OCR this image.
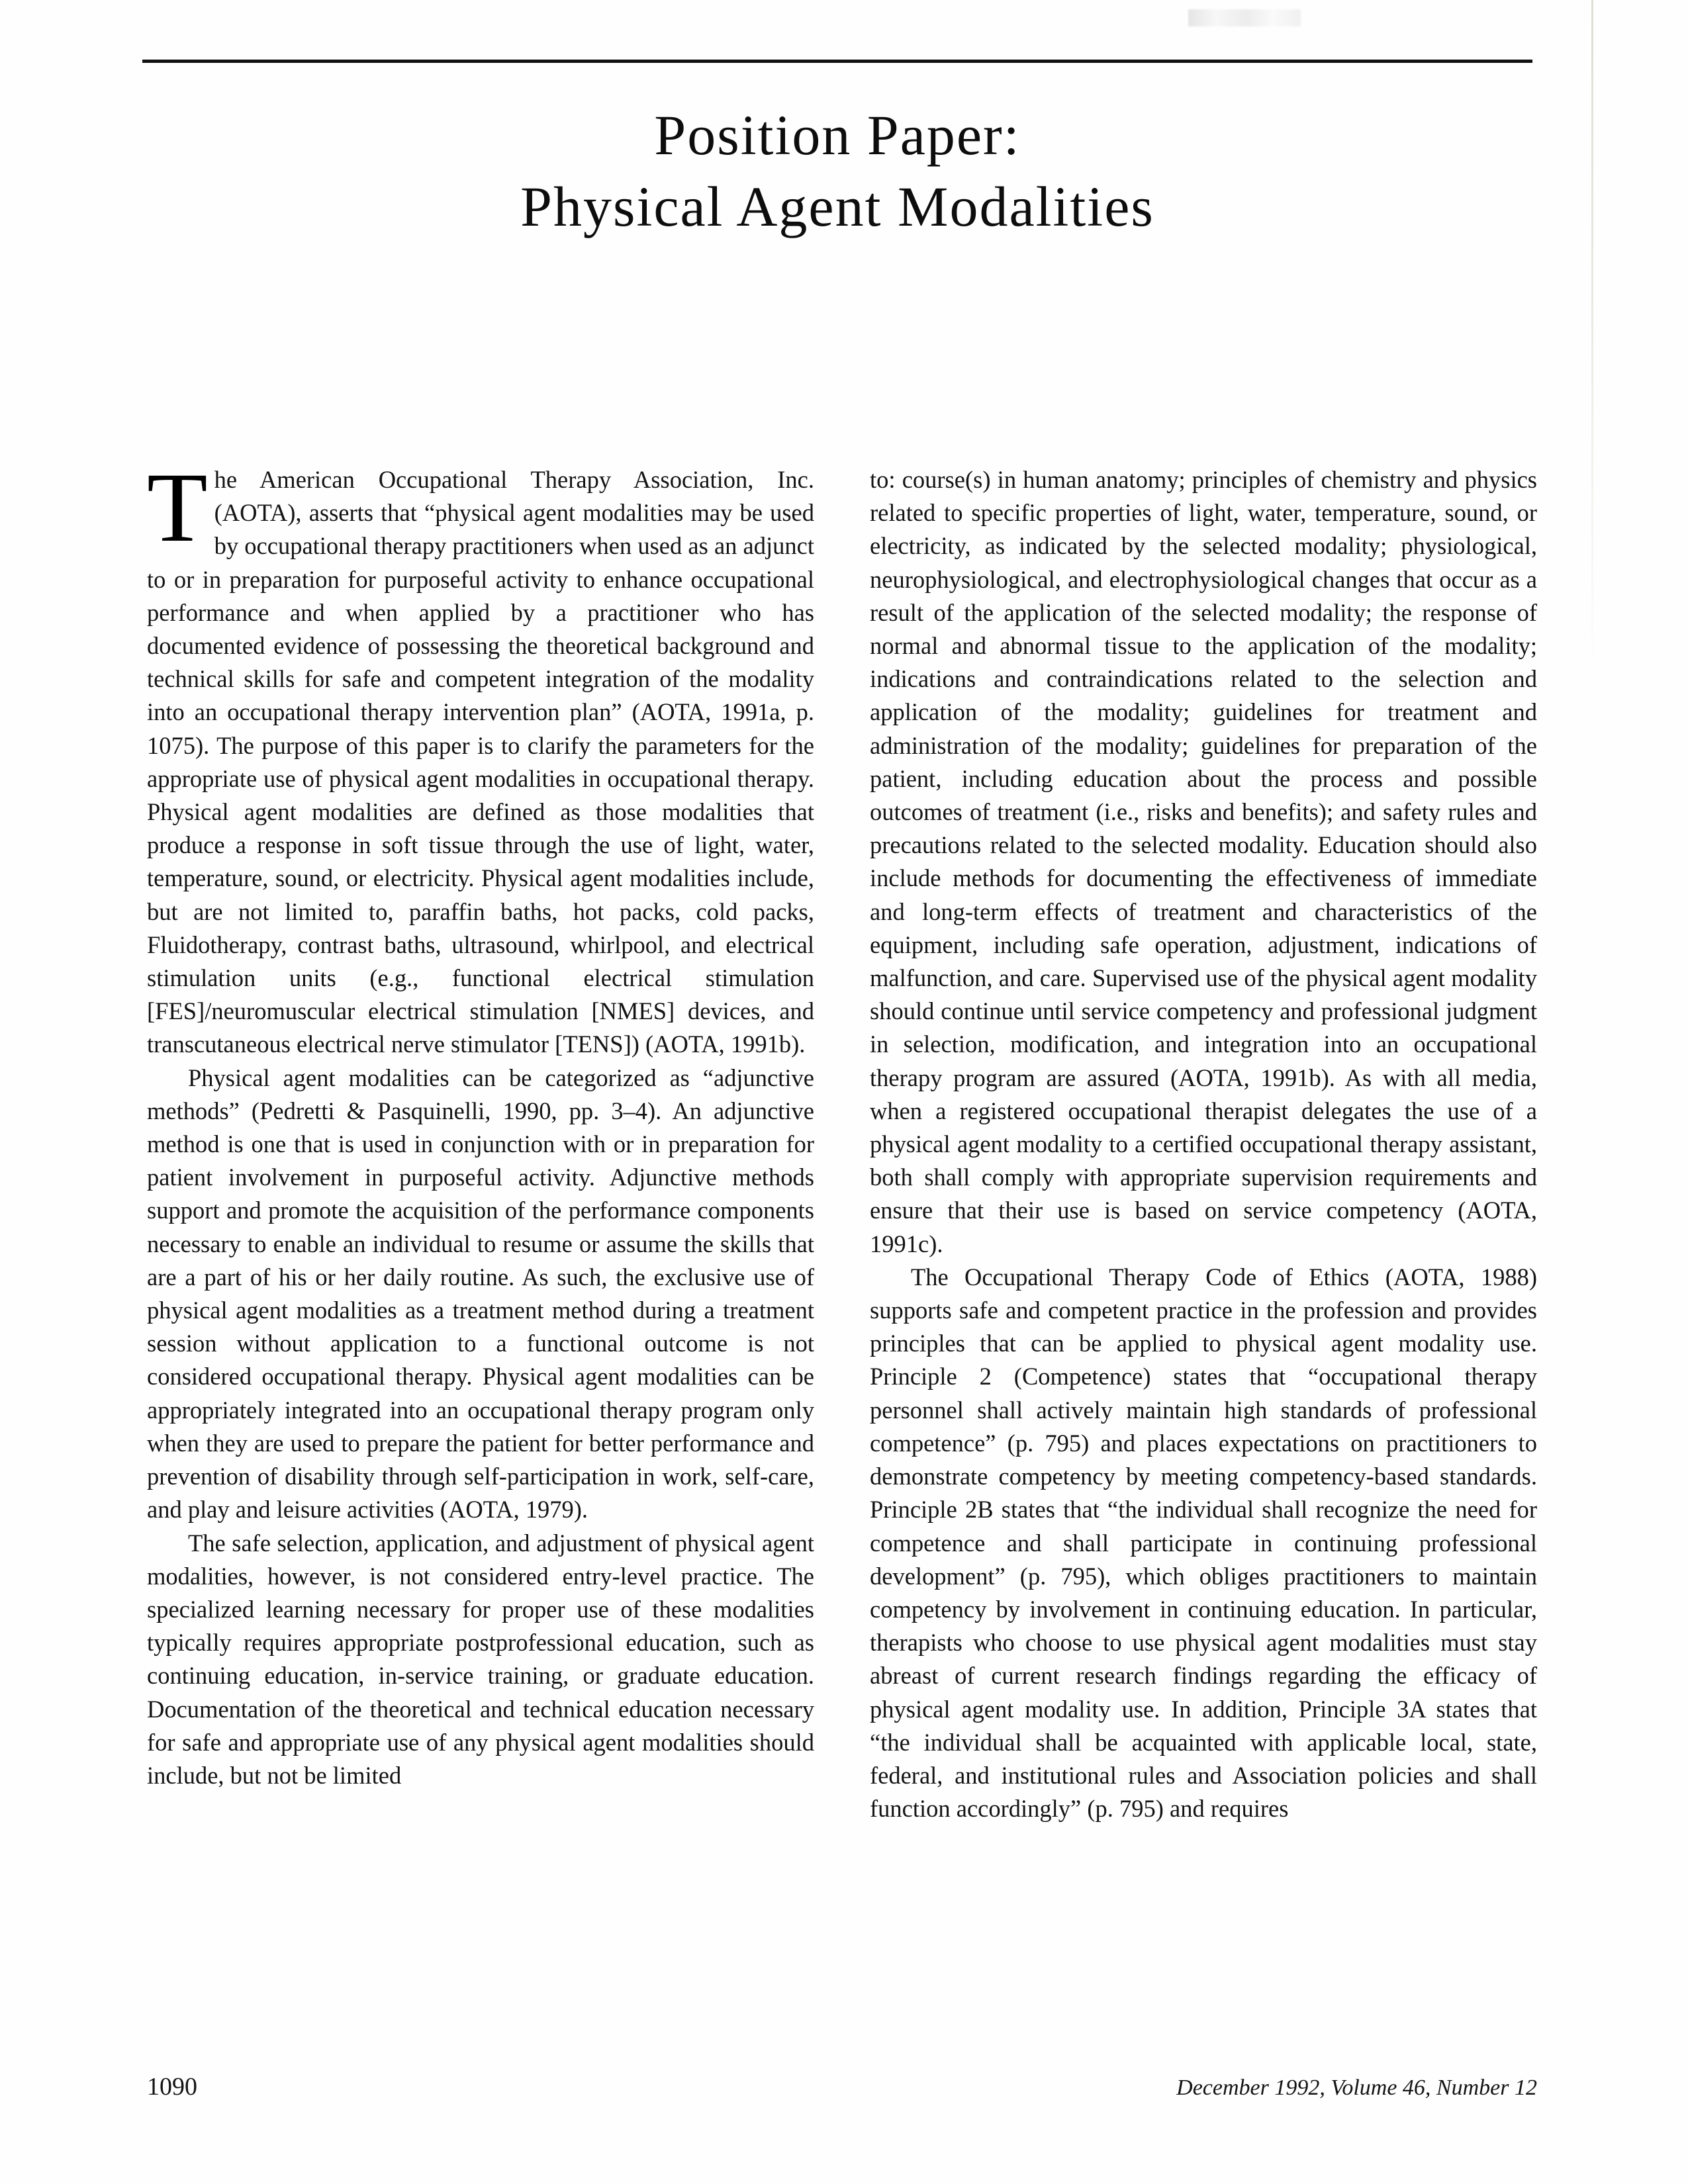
Position Paper:
Physical Agent Modalities

The American Occupational Therapy Association, Inc. (AOTA), asserts that “physical agent modalities may be used by occupational therapy practitioners when used as an adjunct to or in preparation for purposeful activity to enhance occupational performance and when applied by a practitioner who has documented evidence of possessing the theoretical background and technical skills for safe and competent integration of the modality into an occupational therapy intervention plan” (AOTA, 1991a, p. 1075). The purpose of this paper is to clarify the parameters for the appropriate use of physical agent modalities in occupational therapy. Physical agent modalities are defined as those modalities that produce a response in soft tissue through the use of light, water, temperature, sound, or electricity. Physical agent modalities include, but are not limited to, paraffin baths, hot packs, cold packs, Fluidotherapy, contrast baths, ultrasound, whirlpool, and electrical stimulation units (e.g., functional electrical stimulation [FES]/neuromuscular electrical stimulation [NMES] devices, and transcutaneous electrical nerve stimulator [TENS]) (AOTA, 1991b).

Physical agent modalities can be categorized as “adjunctive methods” (Pedretti & Pasquinelli, 1990, pp. 3–4). An adjunctive method is one that is used in conjunction with or in preparation for patient involvement in purposeful activity. Adjunctive methods support and promote the acquisition of the performance components necessary to enable an individual to resume or assume the skills that are a part of his or her daily routine. As such, the exclusive use of physical agent modalities as a treatment method during a treatment session without application to a functional outcome is not considered occupational therapy. Physical agent modalities can be appropriately integrated into an occupational therapy program only when they are used to prepare the patient for better performance and prevention of disability through self-participation in work, self-care, and play and leisure activities (AOTA, 1979).

The safe selection, application, and adjustment of physical agent modalities, however, is not considered entry-level practice. The specialized learning necessary for proper use of these modalities typically requires appropriate postprofessional education, such as continuing education, in-service training, or graduate education. Documentation of the theoretical and technical education necessary for safe and appropriate use of any physical agent modalities should include, but not be limited

to: course(s) in human anatomy; principles of chemistry and physics related to specific properties of light, water, temperature, sound, or electricity, as indicated by the selected modality; physiological, neurophysiological, and electrophysiological changes that occur as a result of the application of the selected modality; the response of normal and abnormal tissue to the application of the modality; indications and contraindications related to the selection and application of the modality; guidelines for treatment and administration of the modality; guidelines for preparation of the patient, including education about the process and possible outcomes of treatment (i.e., risks and benefits); and safety rules and precautions related to the selected modality. Education should also include methods for documenting the effectiveness of immediate and long-term effects of treatment and characteristics of the equipment, including safe operation, adjustment, indications of malfunction, and care. Supervised use of the physical agent modality should continue until service competency and professional judgment in selection, modification, and integration into an occupational therapy program are assured (AOTA, 1991b). As with all media, when a registered occupational therapist delegates the use of a physical agent modality to a certified occupational therapy assistant, both shall comply with appropriate supervision requirements and ensure that their use is based on service competency (AOTA, 1991c).

The Occupational Therapy Code of Ethics (AOTA, 1988) supports safe and competent practice in the profession and provides principles that can be applied to physical agent modality use. Principle 2 (Competence) states that “occupational therapy personnel shall actively maintain high standards of professional competence” (p. 795) and places expectations on practitioners to demonstrate competency by meeting competency-based standards. Principle 2B states that “the individual shall recognize the need for competence and shall participate in continuing professional development” (p. 795), which obliges practitioners to maintain competency by involvement in continuing education. In particular, therapists who choose to use physical agent modalities must stay abreast of current research findings regarding the efficacy of physical agent modality use. In addition, Principle 3A states that “the individual shall be acquainted with applicable local, state, federal, and institutional rules and Association policies and shall function accordingly” (p. 795) and requires

1090	December 1992, Volume 46, Number 12
